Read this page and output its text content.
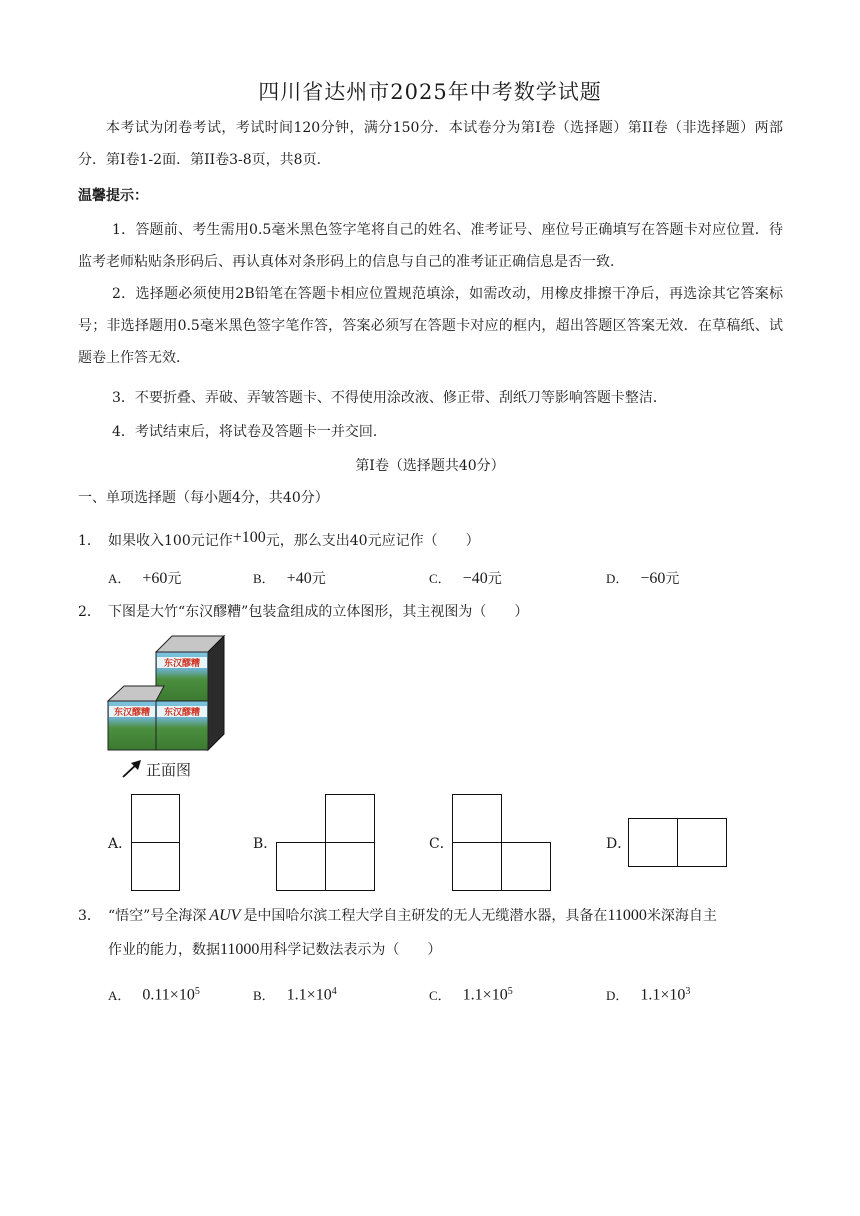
四川省达州市2025年中考数学试题
本考试为闭卷考试，考试时间120分钟，满分150分．本试卷分为第I卷（选择题）第II卷（非选择题）两部分．第I卷1-2面．第II卷3-8页，共8页．
温馨提示：
1．答题前、考生需用0.5毫米黑色签字笔将自己的姓名、准考证号、座位号正确填写在答题卡对应位置．待监考老师粘贴条形码后、再认真体对条形码上的信息与自己的准考证正确信息是否一致．
2．选择题必须使用2B铅笔在答题卡相应位置规范填涂，如需改动，用橡皮排擦干净后，再选涂其它答案标号；非选择题用0.5毫米黑色签字笔作答，答案必须写在答题卡对应的框内，超出答题区答案无效．在草稿纸、试题卷上作答无效．
3．不要折叠、弄破、弄皱答题卡、不得使用涂改液、修正带、刮纸刀等影响答题卡整洁．
4．考试结束后，将试卷及答题卡一并交回．
第I卷（选择题共40分）
一、单项选择题（每小题4分，共40分）
1． 如果收入100元记作+100元，那么支出40元应记作（　　）
A． +60元	B． +40元	C． −40元	D． −60元
2． 下图是大竹“东汉醪糟”包装盒组成的立体图形，其主视图为（　　）
东汉醪糟
东汉醪糟 东汉醪糟
正面图
A．	B．	C．	D．
3． “悟空”号全海深 AUV 是中国哈尔滨工程大学自主研发的无人无缆潜水器，具备在11000米深海自主
作业的能力，数据11000用科学记数法表示为（　　）
A． $0.11\times 10^5$	B． $1.1\times 10^4$	C． $1.1\times 10^5$	D． $1.1\times 10^3$
